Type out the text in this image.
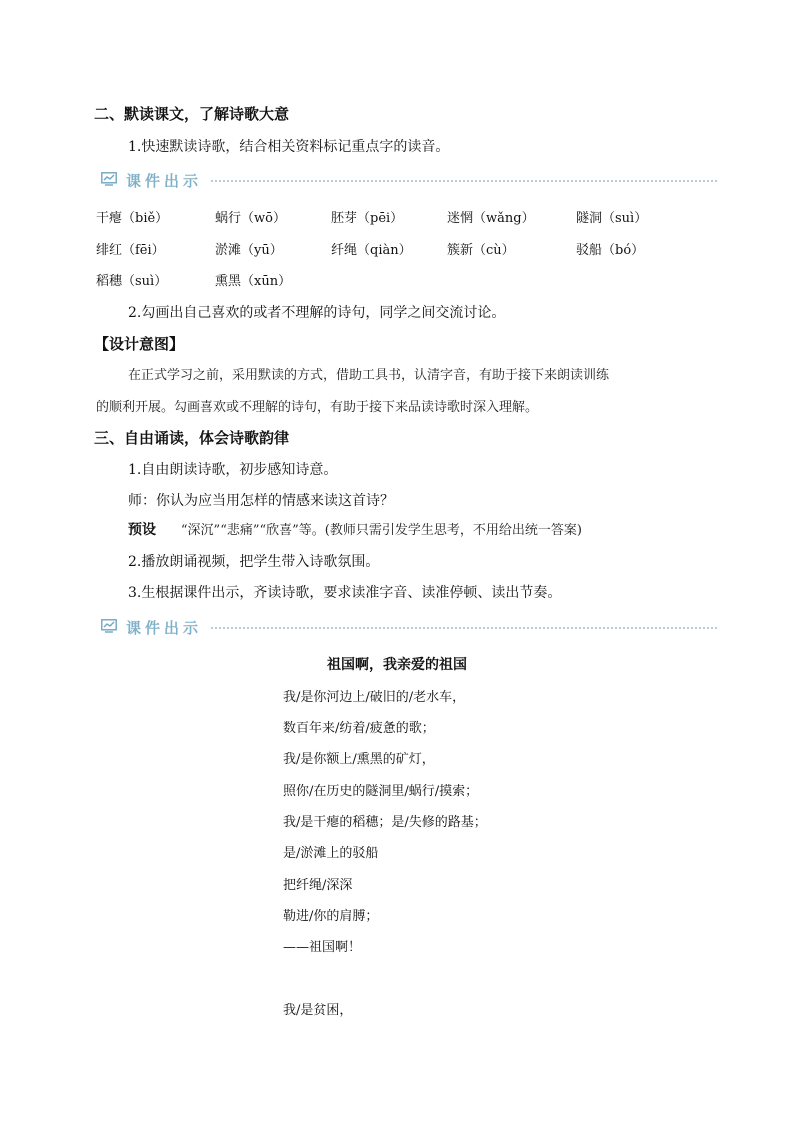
二、默读课文，了解诗歌大意
1.快速默读诗歌，结合相关资料标记重点字的读音。
课件出示
干瘪（biě）	蜗行（wō）	胚芽（pēi）	迷惘（wǎng）	隧洞（suì）
绯红（fēi）	淤滩（yū）	纤绳（qiàn）	簇新（cù）	驳船（bó）
稻穗（suì）	熏黑（xūn）
2.勾画出自己喜欢的或者不理解的诗句，同学之间交流讨论。
【设计意图】
在正式学习之前，采用默读的方式，借助工具书，认清字音，有助于接下来朗读训练
的顺利开展。勾画喜欢或不理解的诗句，有助于接下来品读诗歌时深入理解。
三、自由诵读，体会诗歌韵律
1.自由朗读诗歌，初步感知诗意。
师：你认为应当用怎样的情感来读这首诗？
预设 “深沉”“悲痛”“欣喜”等。(教师只需引发学生思考，不用给出统一答案)
2.播放朗诵视频，把学生带入诗歌氛围。
3.生根据课件出示，齐读诗歌，要求读准字音、读准停顿、读出节奏。
课件出示
祖国啊，我亲爱的祖国
我/是你河边上/破旧的/老水车，
数百年来/纺着/疲惫的歌；
我/是你额上/熏黑的矿灯，
照你/在历史的隧洞里/蜗行/摸索；
我/是干瘪的稻穗；是/失修的路基；
是/淤滩上的驳船
把纤绳/深深
勒进/你的肩膊；
——祖国啊！
我/是贫困，
